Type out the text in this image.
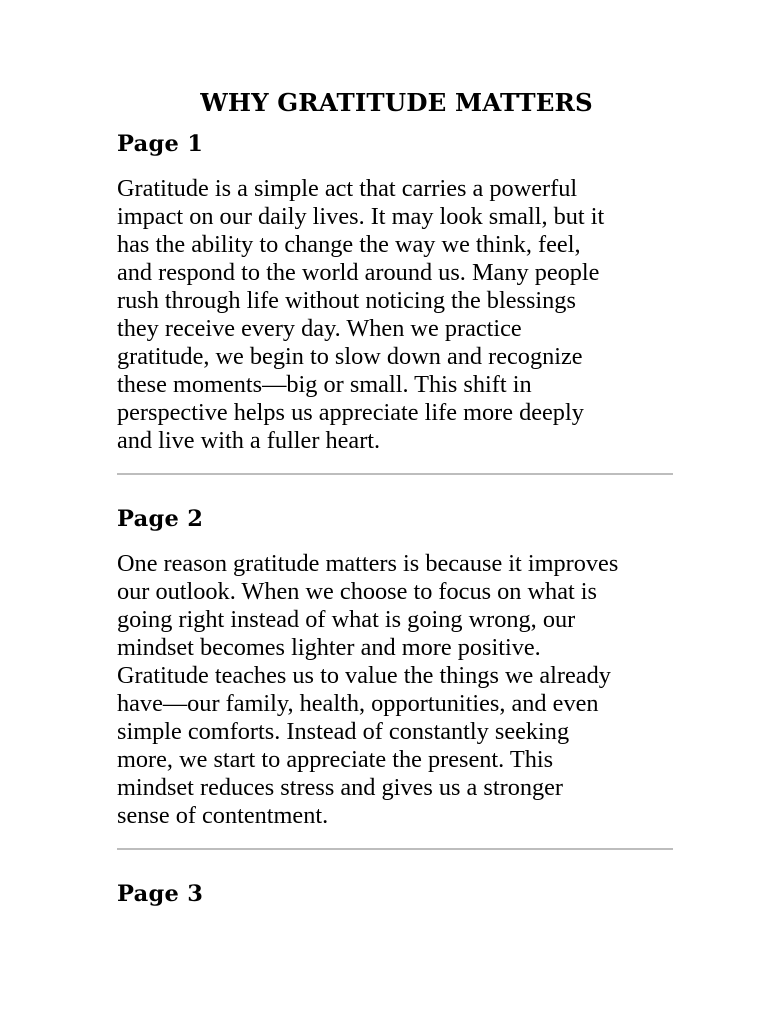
WHY GRATITUDE MATTERS
Page 1

Gratitude is a simple act that carries a powerful
impact on our daily lives. It may look small, but it
has the ability to change the way we think, feel,
and respond to the world around us. Many people
rush through life without noticing the blessings
they receive every day. When we practice
gratitude, we begin to slow down and recognize
these moments—big or small. This shift in
perspective helps us appreciate life more deeply
and live with a fuller heart.

Page 2

One reason gratitude matters is because it improves
our outlook. When we choose to focus on what is
going right instead of what is going wrong, our
mindset becomes lighter and more positive.
Gratitude teaches us to value the things we already
have—our family, health, opportunities, and even
simple comforts. Instead of constantly seeking
more, we start to appreciate the present. This
mindset reduces stress and gives us a stronger
sense of contentment.

Page 3
